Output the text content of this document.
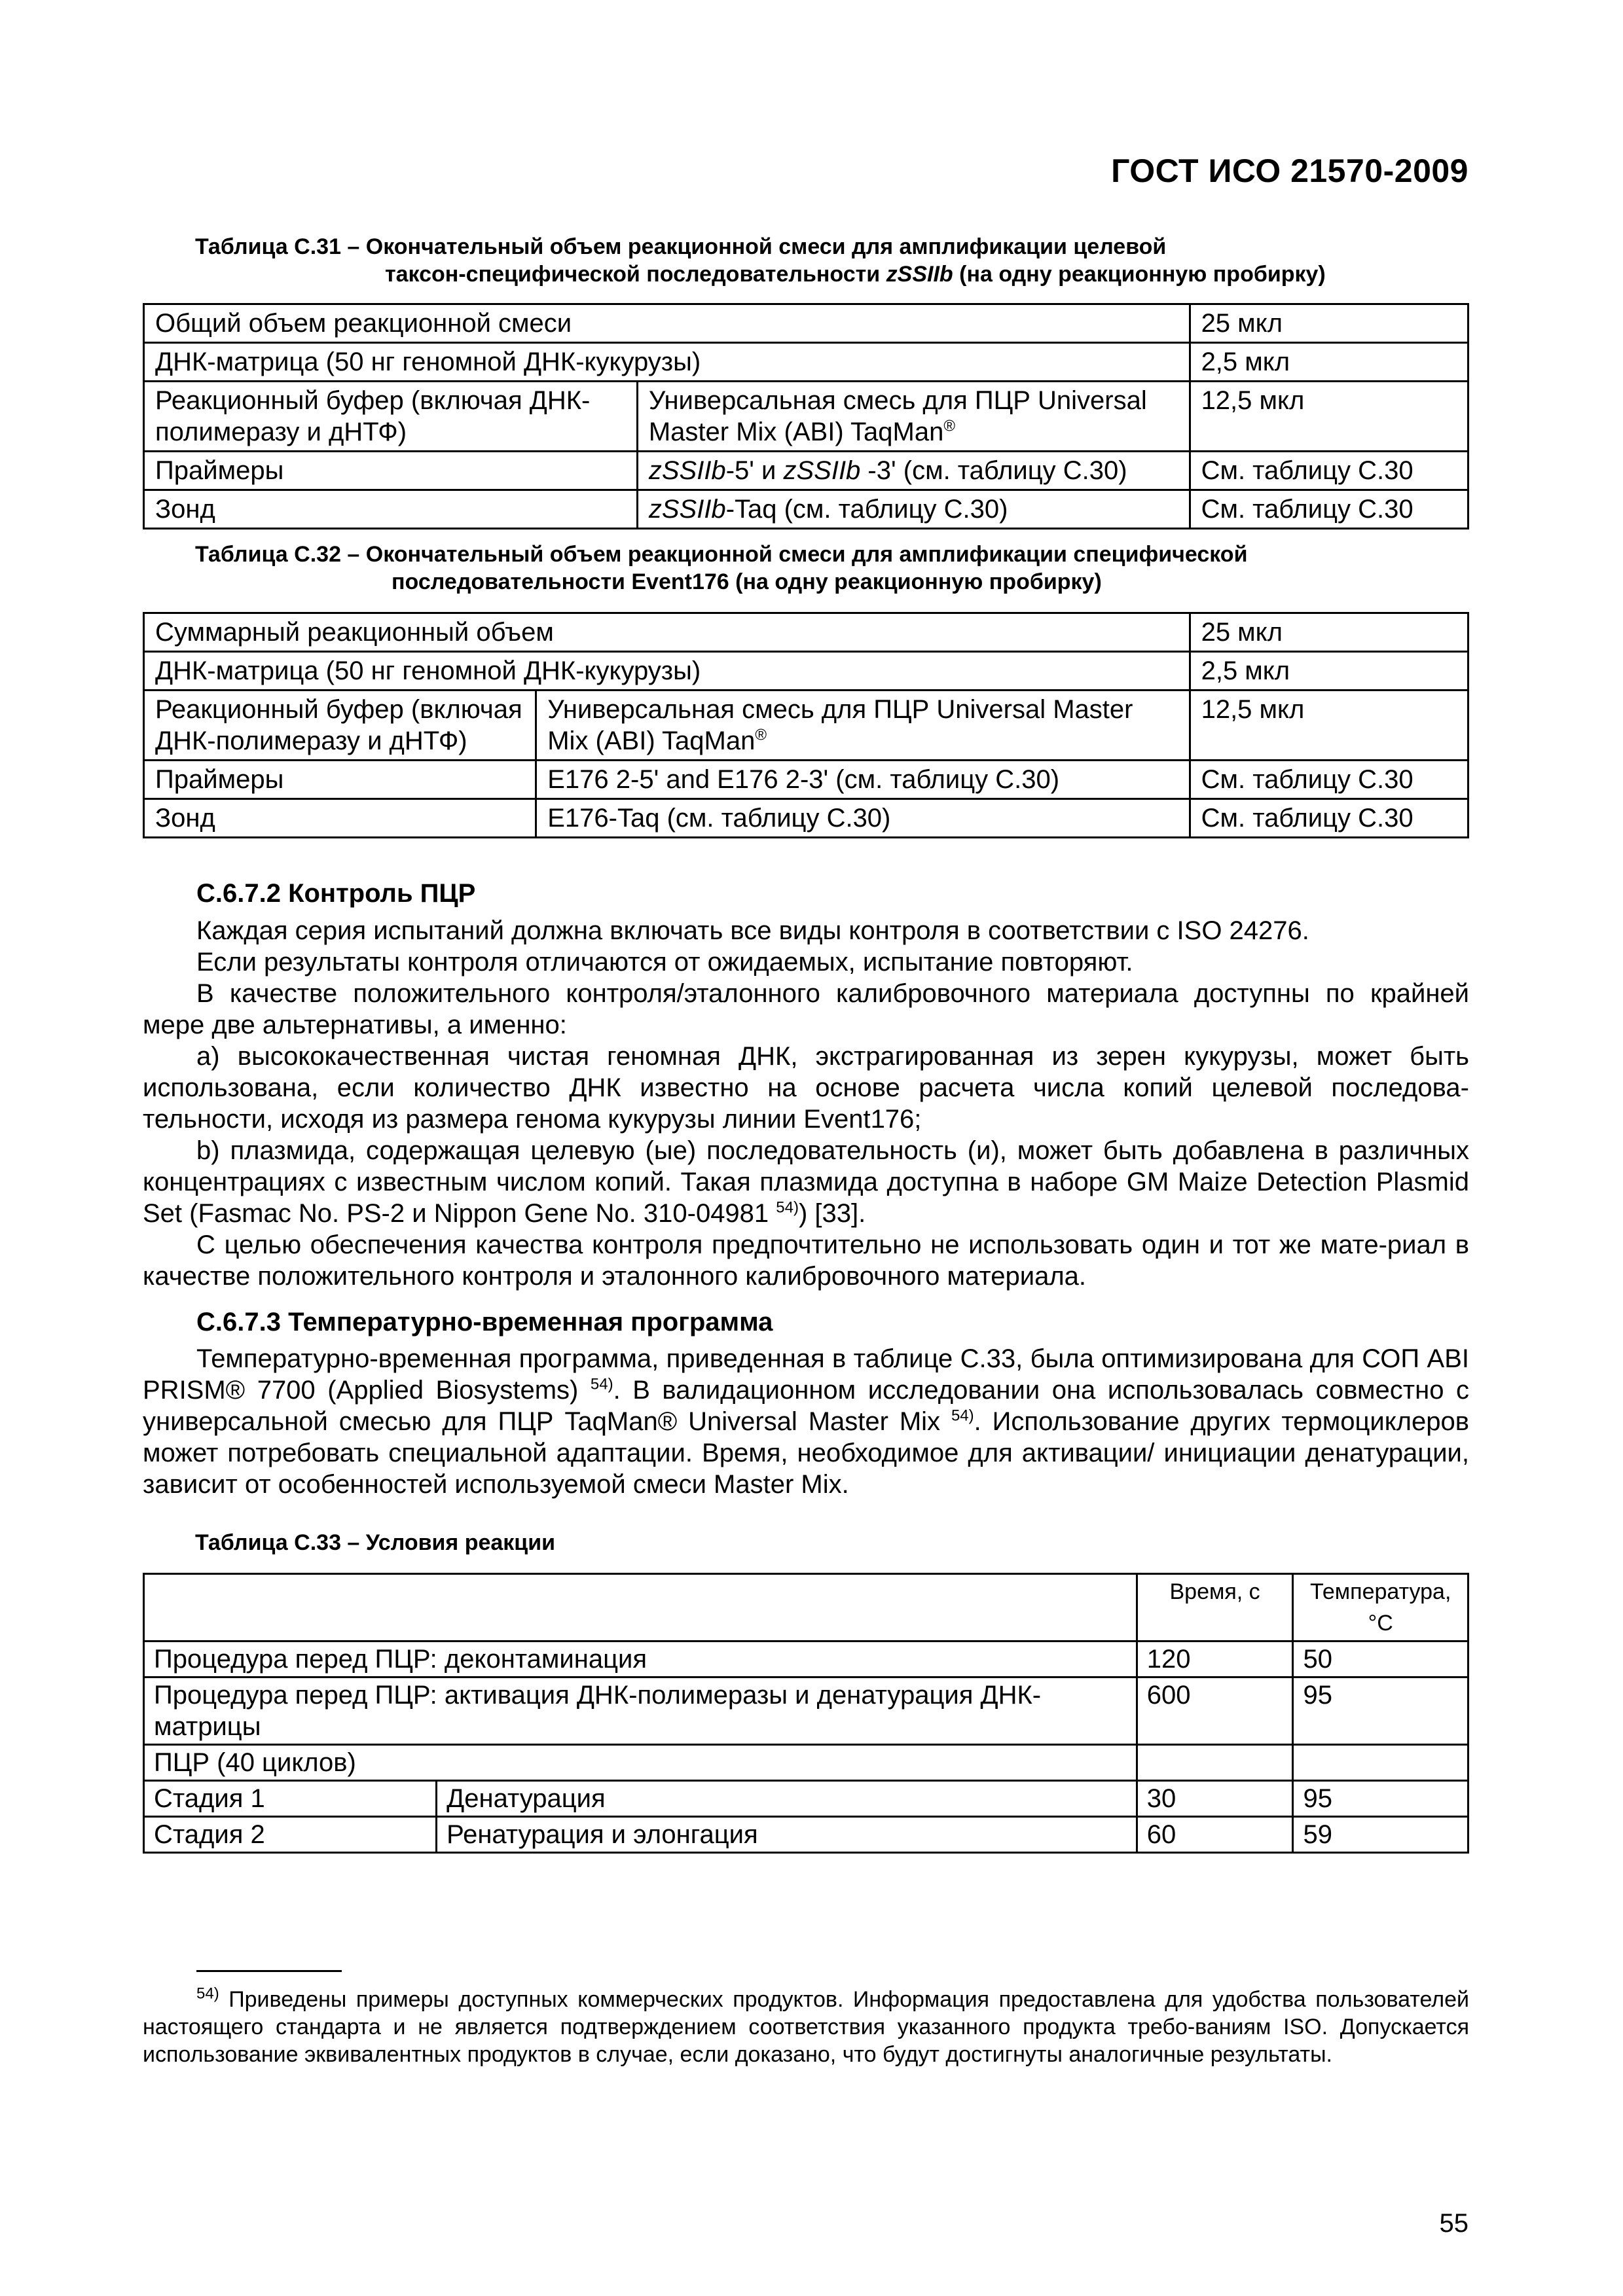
ГОСТ ИСО 21570-2009
Таблица С.31 – Окончательный объем реакционной смеси для амплификации целевой
таксон-специфической последовательности zSSIIb (на одну реакционную пробирку)
Общий объем реакционной смеси		25 мкл
ДНК-матрица (50 нг геномной ДНК-кукурузы)		2,5 мкл
Реакционный буфер (включая ДНК-полимеразу и дНТФ)	Универсальная смесь для ПЦР Universal Master Mix (ABI) TaqMan®	12,5 мкл
Праймеры	zSSIIb-5' и zSSIIb -3' (см. таблицу С.30)	См. таблицу С.30
Зонд	zSSIIb-Taq (см. таблицу С.30)	См. таблицу С.30
Таблица С.32 – Окончательный объем реакционной смеси для амплификации специфической
последовательности Event176 (на одну реакционную пробирку)
Суммарный реакционный объем		25 мкл
ДНК-матрица (50 нг геномной ДНК-кукурузы)		2,5 мкл
Реакционный буфер (включая ДНК-полимеразу и дНТФ)	Универсальная смесь для ПЦР Universal Master Mix (ABI) TaqMan®	12,5 мкл
Праймеры	E176 2-5' and E176 2-3' (см. таблицу С.30)	См. таблицу С.30
Зонд	E176-Taq (см. таблицу С.30)	См. таблицу С.30
С.6.7.2 Контроль ПЦР

Каждая серия испытаний должна включать все виды контроля в соответствии с ISO 24276.

Если результаты контроля отличаются от ожидаемых, испытание повторяют.

В качестве положительного контроля/эталонного калибровочного материала доступны по крайней мере две альтернативы, а именно:

a) высококачественная чистая геномная ДНК, экстрагированная из зерен кукурузы, может быть использована, если количество ДНК известно на основе расчета числа копий целевой последова-тельности, исходя из размера генома кукурузы линии Event176;

b) плазмида, содержащая целевую (ые) последовательность (и), может быть добавлена в различных концентрациях с известным числом копий. Такая плазмида доступна в наборе GM Maize Detection Plasmid Set (Fasmac No. PS-2 и Nippon Gene No. 310-04981 $^{54)}$) [33].

С целью обеспечения качества контроля предпочтительно не использовать один и тот же мате-риал в качестве положительного контроля и эталонного калибровочного материала.

С.6.7.3 Температурно-временная программа

Температурно-временная программа, приведенная в таблице С.33, была оптимизирована для СОП ABI PRISM® 7700 (Applied Biosystems) $^{54)}$. В валидационном исследовании она использовалась совместно с универсальной смесью для ПЦР TaqMan® Universal Master Mix $^{54)}$. Использование других термоциклеров может потребовать специальной адаптации. Время, необходимое для активации/ инициации денатурации, зависит от особенностей используемой смеси Master Mix.

Таблица С.33 – Условия реакции
		Время, с	Температура, °С
Процедура перед ПЦР: деконтаминация		120	50
Процедура перед ПЦР: активация ДНК-полимеразы и денатурация ДНК-матрицы		600	95
ПЦР (40 циклов)			
Стадия 1	Денатурация	30	95
Стадия 2	Ренатурация и элонгация	60	59

$^{54)}$ Приведены примеры доступных коммерческих продуктов. Информация предоставлена для удобства пользователей настоящего стандарта и не является подтверждением соответствия указанного продукта требо-ваниям ISO. Допускается использование эквивалентных продуктов в случае, если доказано, что будут достигнуты аналогичные результаты.

55
